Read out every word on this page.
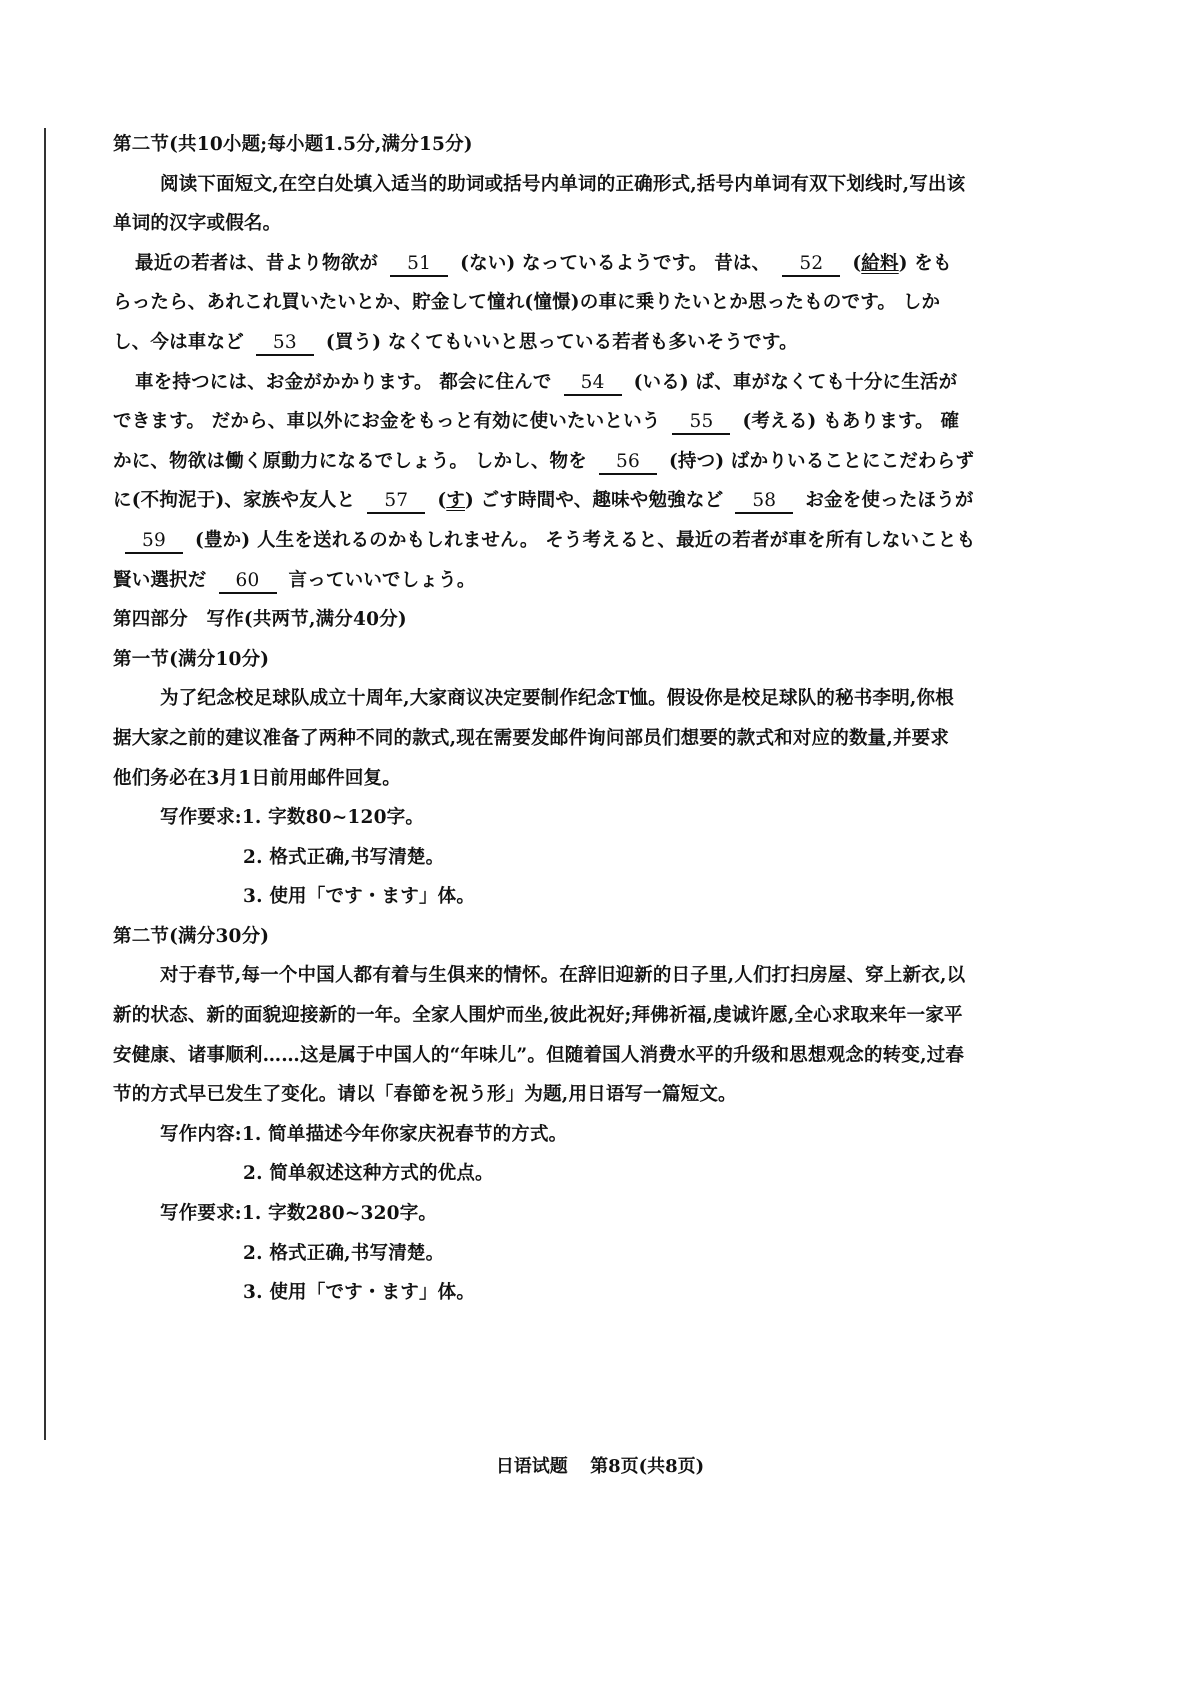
第二节(共10小题;每小题1.5分,满分15分)
阅读下面短文,在空白处填入适当的助词或括号内单词的正确形式,括号内单词有双下划线时,写出该
单词的汉字或假名。
最近の若者は、昔より物欲が 51 (ない) なっているようです。 昔は、 52 (給料) をも
らったら、あれこれ買いたいとか、貯金して憧れ(憧憬)の車に乗りたいとか思ったものです。 しか
し、今は車など 53 (買う) なくてもいいと思っている若者も多いそうです。
車を持つには、お金がかかります。 都会に住んで 54 (いる) ば、車がなくても十分に生活が
できます。 だから、車以外にお金をもっと有効に使いたいという 55 (考える) もあります。 確
かに、物欲は働く原動力になるでしょう。 しかし、物を 56 (持つ) ばかりいることにこだわらず
に(不拘泥于)、家族や友人と 57 (す) ごす時間や、趣味や勉強など 58 お金を使ったほうが
59 (豊か) 人生を送れるのかもしれません。 そう考えると、最近の若者が車を所有しないことも
賢い選択だ 60 言っていいでしょう。
第四部分　写作(共两节,满分40分)
第一节(满分10分)
为了纪念校足球队成立十周年,大家商议决定要制作纪念T恤。假设你是校足球队的秘书李明,你根
据大家之前的建议准备了两种不同的款式,现在需要发邮件询问部员们想要的款式和对应的数量,并要求
他们务必在3月1日前用邮件回复。
写作要求:1. 字数80~120字。
2. 格式正确,书写清楚。
3. 使用「です・ます」体。
第二节(满分30分)
对于春节,每一个中国人都有着与生俱来的情怀。在辞旧迎新的日子里,人们打扫房屋、穿上新衣,以
新的状态、新的面貌迎接新的一年。全家人围炉而坐,彼此祝好;拜佛祈福,虔诚许愿,全心求取来年一家平
安健康、诸事顺利……这是属于中国人的“年味儿”。但随着国人消费水平的升级和思想观念的转变,过春
节的方式早已发生了变化。请以「春節を祝う形」为题,用日语写一篇短文。
写作内容:1. 简单描述今年你家庆祝春节的方式。
2. 简单叙述这种方式的优点。
写作要求:1. 字数280~320字。
2. 格式正确,书写清楚。
3. 使用「です・ます」体。
日语试题 第8页(共8页)
